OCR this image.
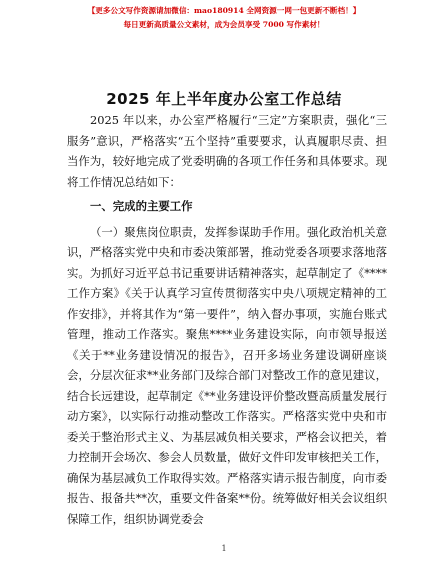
【更多公文写作资源请加微信：mao180914 全网资源一网一包更新不断档！】
每日更新高质量公文素材，成为会员享受 7000 写作素材！
2025 年上半年度办公室工作总结

2025 年以来，办公室严格履行“三定”方案职责，强化“三服务”意识，严格落实“五个坚持”重要要求，认真履职尽责、担当作为，较好地完成了党委明确的各项工作任务和具体要求。现将工作情况总结如下：

一、完成的主要工作

（一）聚焦岗位职责，发挥参谋助手作用。强化政治机关意识，严格落实党中央和市委决策部署，推动党委各项要求落地落实。为抓好习近平总书记重要讲话精神落实，起草制定了《****工作方案》《关于认真学习宣传贯彻落实中央八项规定精神的工作安排》，并将其作为“第一要件”，纳入督办事项，实施台账式管理，推动工作落实。聚焦****业务建设实际，向市领导报送《关于**业务建设情况的报告》，召开多场业务建设调研座谈会，分层次征求**业务部门及综合部门对整改工作的意见建议，结合长远建设，起草制定《**业务建设评价整改暨高质量发展行动方案》，以实际行动推动整改工作落实。严格落实党中央和市委关于整治形式主义、为基层减负相关要求，严格会议把关，着力控制开会场次、参会人员数量，做好文件印发审核把关工作，确保为基层减负工作取得实效。严格落实请示报告制度，向市委报告、报备共**次，重要文件备案**份。统筹做好相关会议组织保障工作，组织协调党委会

1
